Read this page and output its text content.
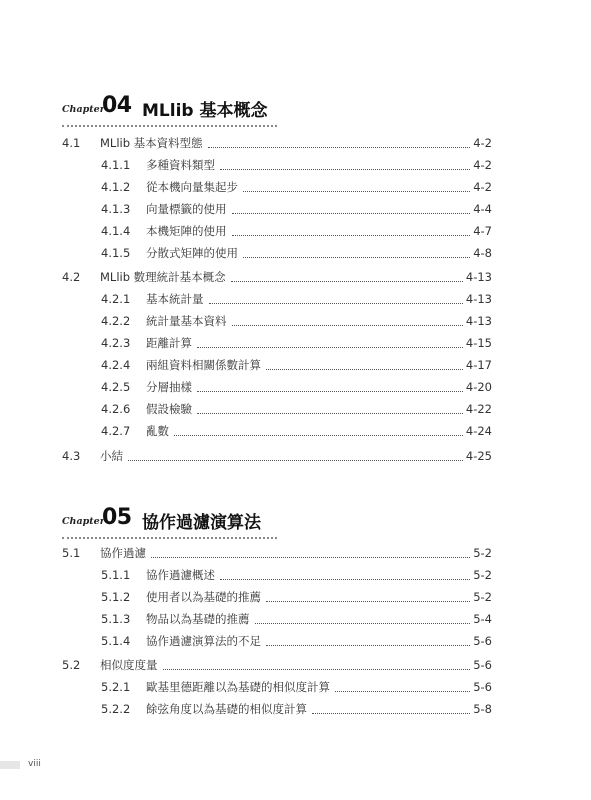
Chapter
04 MLlib 基本概念
4.1 MLlib 基本資料型態	4-2
4.1.1 多種資料類型	4-2
4.1.2 從本機向量集起步	4-2
4.1.3 向量標籤的使用	4-4
4.1.4 本機矩陣的使用	4-7
4.1.5 分散式矩陣的使用	4-8
4.2 MLlib 數理統計基本概念	4-13
4.2.1 基本統計量	4-13
4.2.2 統計量基本資料	4-13
4.2.3 距離計算	4-15
4.2.4 兩組資料相關係數計算	4-17
4.2.5 分層抽樣	4-20
4.2.6 假設檢驗	4-22
4.2.7 亂數	4-24
4.3 小結	4-25
Chapter
05 協作過濾演算法
5.1 協作過濾	5-2
5.1.1 協作過濾概述	5-2
5.1.2 使用者以為基礎的推薦	5-2
5.1.3 物品以為基礎的推薦	5-4
5.1.4 協作過濾演算法的不足	5-6
5.2 相似度度量	5-6
5.2.1 歐基里德距離以為基礎的相似度計算	5-6
5.2.2 餘弦角度以為基礎的相似度計算	5-8
viii
